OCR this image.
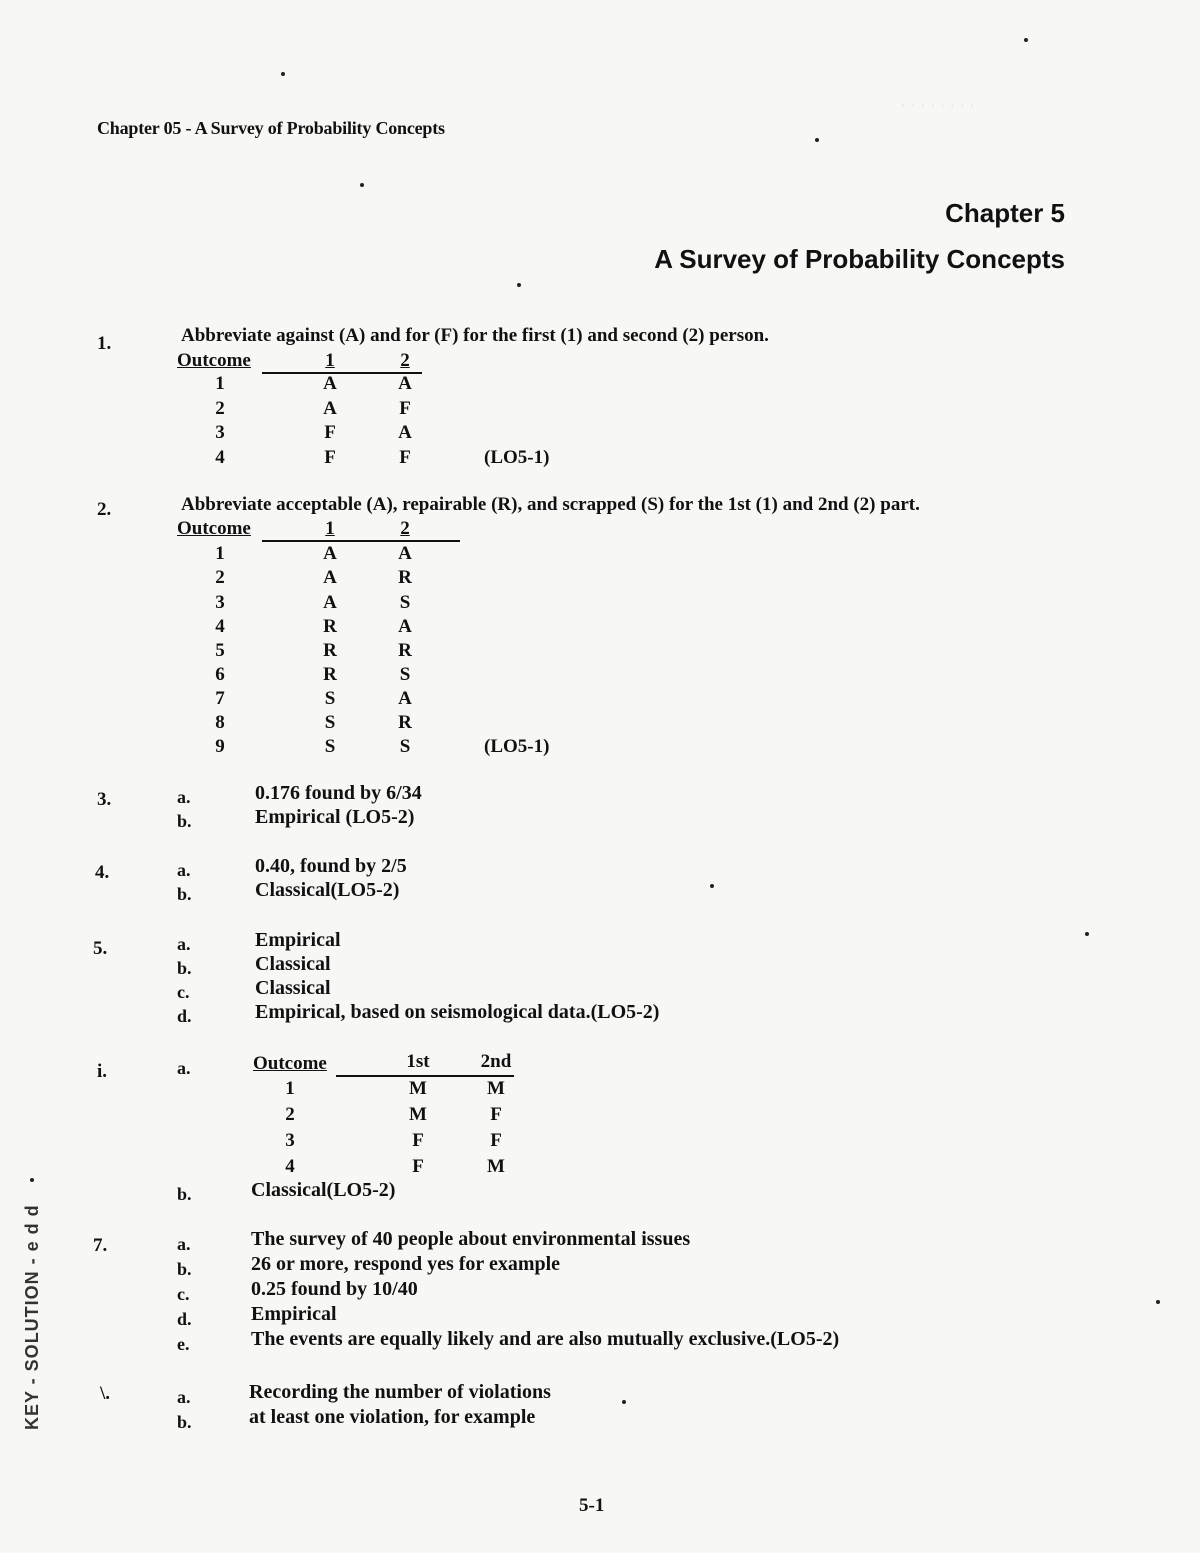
· · · · · · · ·
Chapter 05 - A Survey of Probability Concepts
Chapter 5
A Survey of Probability Concepts
1.	Abbreviate against (A) and for (F) for the first (1) and second (2) person.
Outcome	1	2
1	A	A
2	A	F
3	F	A
4	F	F	(LO5-1)
2.	Abbreviate acceptable (A), repairable (R), and scrapped (S) for the 1st (1) and 2nd (2) part.
Outcome	1	2
1	A	A
2	A	R
3	A	S
4	R	A
5	R	R
6	R	S
7	S	A
8	S	R
9	S	S	(LO5-1)
3.	a.	0.176 found by 6/34
b.	Empirical (LO5-2)
4.	a.	0.40, found by 2/5
b.	Classical(LO5-2)
5.	a.	Empirical
b.	Classical
c.	Classical
d.	Empirical, based on seismological data.(LO5-2)
i.	a.	Outcome	1st	2nd
1	M	M
2	M	F
3	F	F
4	F	M
b.	Classical(LO5-2)
7.	a.	The survey of 40 people about environmental issues
b.	26 or more, respond yes for example
c.	0.25 found by 10/40
d.	Empirical
e.	The events are equally likely and are also mutually exclusive.(LO5-2)
\.	a.	Recording the number of violations
b.	at least one violation, for example
KEY - SOLUTION - e d d
5-1
